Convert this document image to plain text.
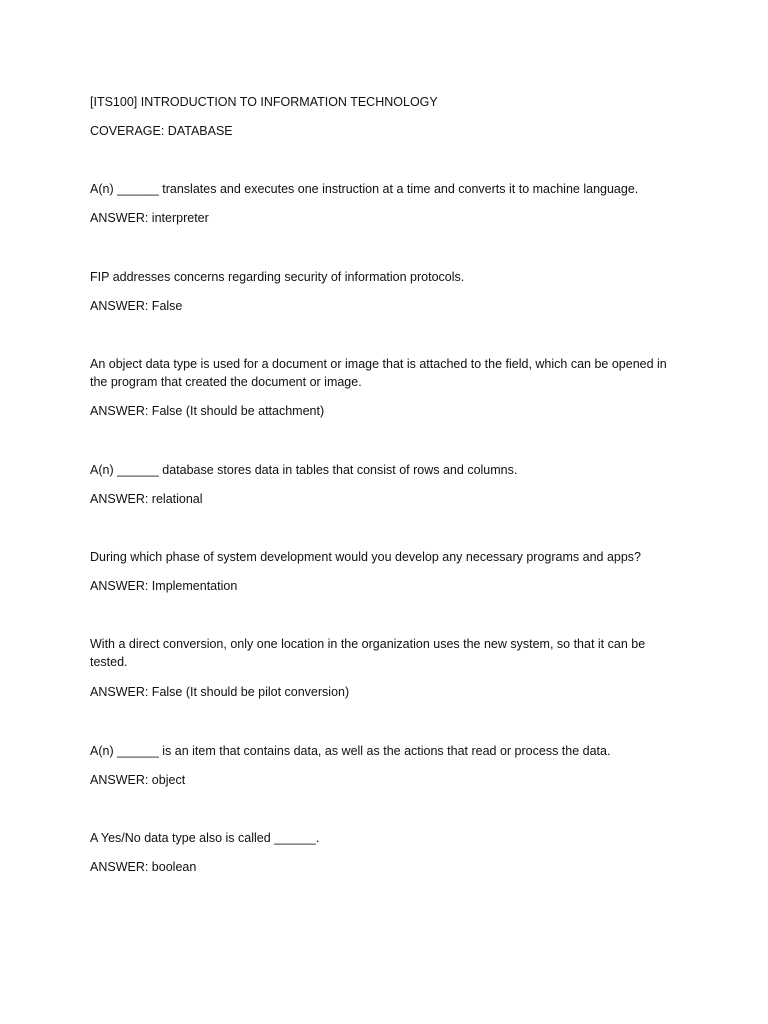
[ITS100] INTRODUCTION TO INFORMATION TECHNOLOGY
COVERAGE: DATABASE
A(n) ______ translates and executes one instruction at a time and converts it to machine language.
ANSWER: interpreter
FIP addresses concerns regarding security of information protocols.
ANSWER: False
An object data type is used for a document or image that is attached to the field, which can be opened in the program that created the document or image.
ANSWER: False (It should be attachment)
A(n) ______ database stores data in tables that consist of rows and columns.
ANSWER: relational
During which phase of system development would you develop any necessary programs and apps?
ANSWER: Implementation
With a direct conversion, only one location in the organization uses the new system, so that it can be tested.
ANSWER: False (It should be pilot conversion)
A(n) ______ is an item that contains data, as well as the actions that read or process the data.
ANSWER: object
A Yes/No data type also is called ______.
ANSWER: boolean
